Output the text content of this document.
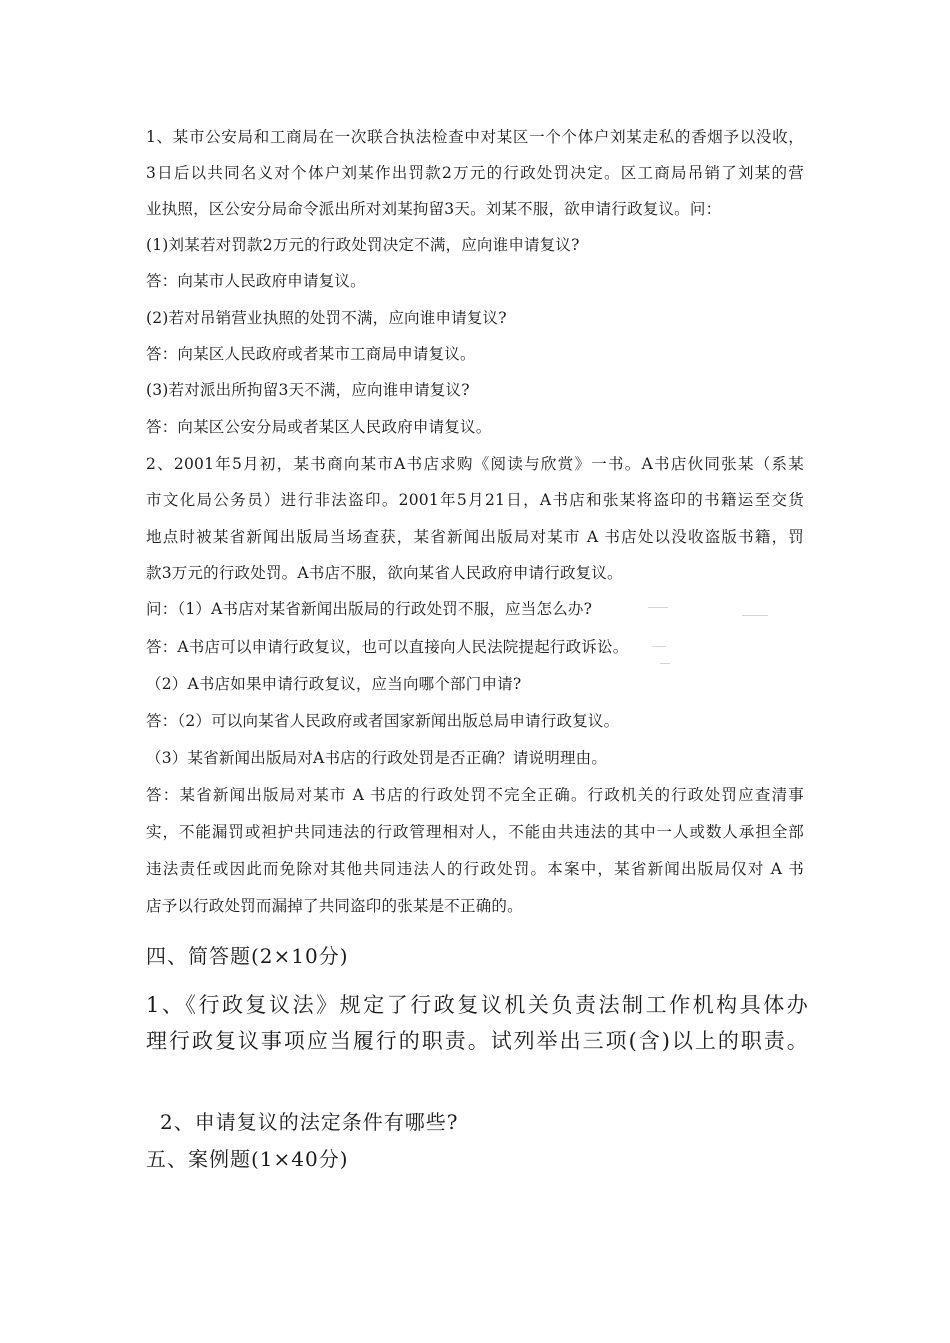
1、某市公安局和工商局在一次联合执法检查中对某区一个个体户刘某走私的香烟予以没收，
3日后以共同名义对个体户刘某作出罚款2万元的行政处罚决定。区工商局吊销了刘某的营
业执照，区公安分局命令派出所对刘某拘留3天。刘某不服，欲申请行政复议。问：
(1)刘某若对罚款2万元的行政处罚决定不满，应向谁申请复议?
答：向某市人民政府申请复议。
(2)若对吊销营业执照的处罚不满，应向谁申请复议?
答：向某区人民政府或者某市工商局申请复议。
(3)若对派出所拘留3天不满，应向谁申请复议?
答：向某区公安分局或者某区人民政府申请复议。
2、2001年5月初，某书商向某市A书店求购《阅读与欣赏》一书。A书店伙同张某（系某
市文化局公务员）进行非法盗印。2001年5月21日，A书店和张某将盗印的书籍运至交货
地点时被某省新闻出版局当场查获，某省新闻出版局对某市 A 书店处以没收盗版书籍，罚
款3万元的行政处罚。A书店不服，欲向某省人民政府申请行政复议。
问：（1）A书店对某省新闻出版局的行政处罚不服，应当怎么办?
答：A书店可以申请行政复议，也可以直接向人民法院提起行政诉讼。
（2）A书店如果申请行政复议，应当向哪个部门申请?
答：（2）可以向某省人民政府或者国家新闻出版总局申请行政复议。
（3）某省新闻出版局对A书店的行政处罚是否正确？请说明理由。
答：某省新闻出版局对某市 A 书店的行政处罚不完全正确。行政机关的行政处罚应查清事
实，不能漏罚或袒护共同违法的行政管理相对人，不能由共违法的其中一人或数人承担全部
违法责任或因此而免除对其他共同违法人的行政处罚。本案中，某省新闻出版局仅对 A 书
店予以行政处罚而漏掉了共同盗印的张某是不正确的。
四、简答题(2×10分)
1、《行政复议法》规定了行政复议机关负责法制工作机构具体办
理行政复议事项应当履行的职责。试列举出三项(含)以上的职责。
2、申请复议的法定条件有哪些?
五、案例题(1×40分)
